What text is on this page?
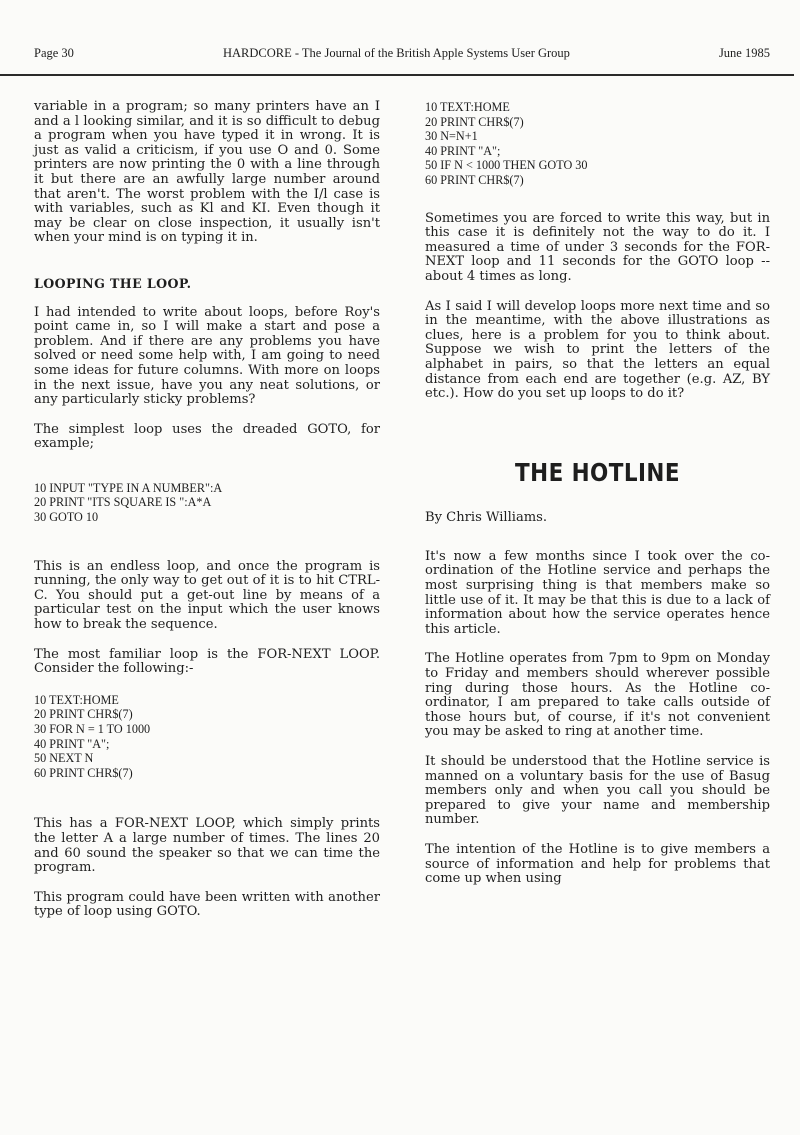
Page 30	HARDCORE - The Journal of the British Apple Systems User Group	June 1985

variable in a program; so many printers have an I and a l looking similar, and it is so difficult to debug a program when you have typed it in wrong. It is just as valid a criticism, if you use O and 0. Some printers are now printing the 0 with a line through it but there are an awfully large number around that aren't. The worst problem with the I/l case is with variables, such as Kl and KI. Even though it may be clear on close inspection, it usually isn't when your mind is on typing it in.

LOOPING THE LOOP.

I had intended to write about loops, before Roy's point came in, so I will make a start and pose a problem. And if there are any problems you have solved or need some help with, I am going to need some ideas for future columns. With more on loops in the next issue, have you any neat solutions, or any particularly sticky problems?

The simplest loop uses the dreaded GOTO, for example;

10 INPUT "TYPE IN A NUMBER":A
20 PRINT "ITS SQUARE IS ":A*A
30 GOTO 10

This is an endless loop, and once the program is running, the only way to get out of it is to hit CTRL-C. You should put a get-out line by means of a particular test on the input which the user knows how to break the sequence.

The most familiar loop is the FOR-NEXT LOOP. Consider the following:-

10 TEXT:HOME
20 PRINT CHR$(7)
30 FOR N = 1 TO 1000
40 PRINT "A";
50 NEXT N
60 PRINT CHR$(7)

This has a FOR-NEXT LOOP, which simply prints the letter A a large number of times. The lines 20 and 60 sound the speaker so that we can time the program.

This program could have been written with another type of loop using GOTO.

10 TEXT:HOME
20 PRINT CHR$(7)
30 N=N+1
40 PRINT "A";
50 IF N < 1000 THEN GOTO 30
60 PRINT CHR$(7)

Sometimes you are forced to write this way, but in this case it is definitely not the way to do it. I measured a time of under 3 seconds for the FOR-NEXT loop and 11 seconds for the GOTO loop -- about 4 times as long.

As I said I will develop loops more next time and so in the meantime, with the above illustrations as clues, here is a problem for you to think about. Suppose we wish to print the letters of the alphabet in pairs, so that the letters an equal distance from each end are together (e.g. AZ, BY etc.). How do you set up loops to do it?

THE HOTLINE
By Chris Williams.

It's now a few months since I took over the co-ordination of the Hotline service and perhaps the most surprising thing is that members make so little use of it. It may be that this is due to a lack of information about how the service operates hence this article.

The Hotline operates from 7pm to 9pm on Monday to Friday and members should wherever possible ring during those hours. As the Hotline co-ordinator, I am prepared to take calls outside of those hours but, of course, if it's not convenient you may be asked to ring at another time.

It should be understood that the Hotline service is manned on a voluntary basis for the use of Basug members only and when you call you should be prepared to give your name and membership number.

The intention of the Hotline is to give members a source of information and help for problems that come up when using
